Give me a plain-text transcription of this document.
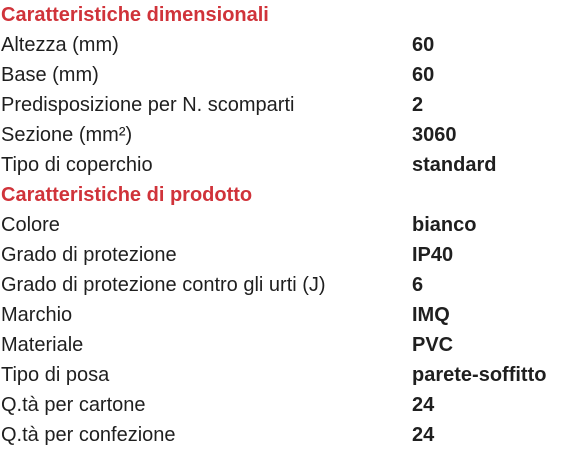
Caratteristiche dimensionali
Altezza (mm)	60
Base (mm)	60
Predisposizione per N. scomparti	2
Sezione (mm²)	3060
Tipo di coperchio	standard
Caratteristiche di prodotto
Colore	bianco
Grado di protezione	IP40
Grado di protezione contro gli urti (J)	6
Marchio	IMQ
Materiale	PVC
Tipo di posa	parete-soffitto
Q.tà per cartone	24
Q.tà per confezione	24
